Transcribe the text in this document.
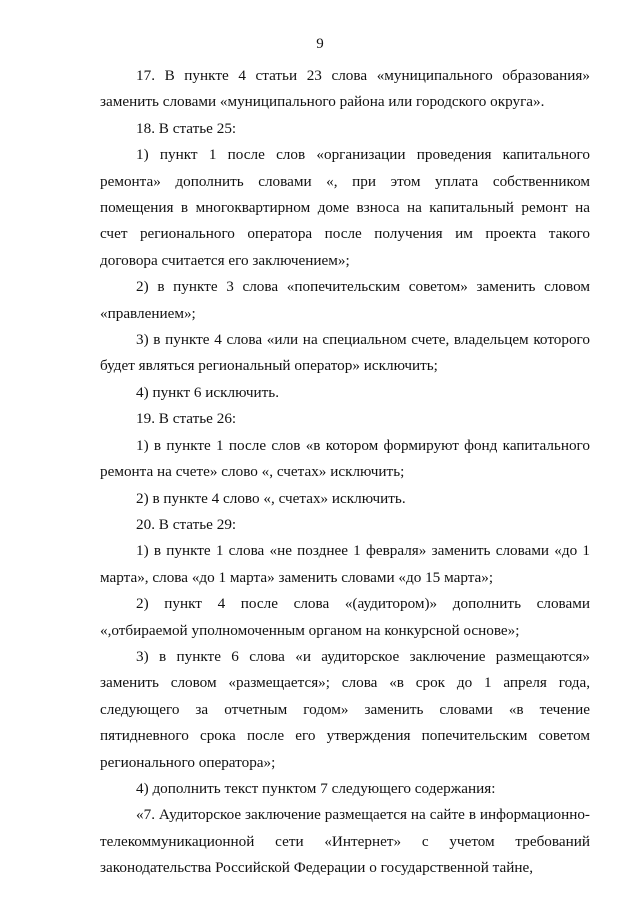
9

17. В пункте 4 статьи 23 слова «муниципального образования» заменить словами «муниципального района или городского округа».

18. В статье 25:

1) пункт 1 после слов «организации проведения капитального ремонта» дополнить словами «, при этом уплата собственником помещения в многоквартирном доме взноса на капитальный ремонт на счет регионального оператора после получения им проекта такого договора считается его заключением»;

2) в пункте 3 слова «попечительским советом» заменить словом «правлением»;

3) в пункте 4 слова «или на специальном счете, владельцем которого будет являться региональный оператор» исключить;

4) пункт 6 исключить.

19. В статье 26:

1) в пункте 1 после слов «в котором формируют фонд капитального ремонта на счете» слово «, счетах» исключить;

2) в пункте 4 слово «, счетах» исключить.

20. В статье 29:

1) в пункте 1 слова «не позднее 1 февраля» заменить словами «до 1 марта», слова «до 1 марта» заменить словами «до 15 марта»;

2) пункт 4 после слова «(аудитором)» дополнить словами «,отбираемой уполномоченным органом на конкурсной основе»;

3) в пункте 6 слова «и аудиторское заключение размещаются» заменить словом «размещается»; слова «в срок до 1 апреля года, следующего за отчетным годом» заменить словами «в течение пятидневного срока после его утверждения попечительским советом регионального оператора»;

4) дополнить текст пунктом 7 следующего содержания:

«7. Аудиторское заключение размещается на сайте в информационно-телекоммуникационной сети «Интернет» с учетом требований законодательства Российской Федерации о государственной тайне,
